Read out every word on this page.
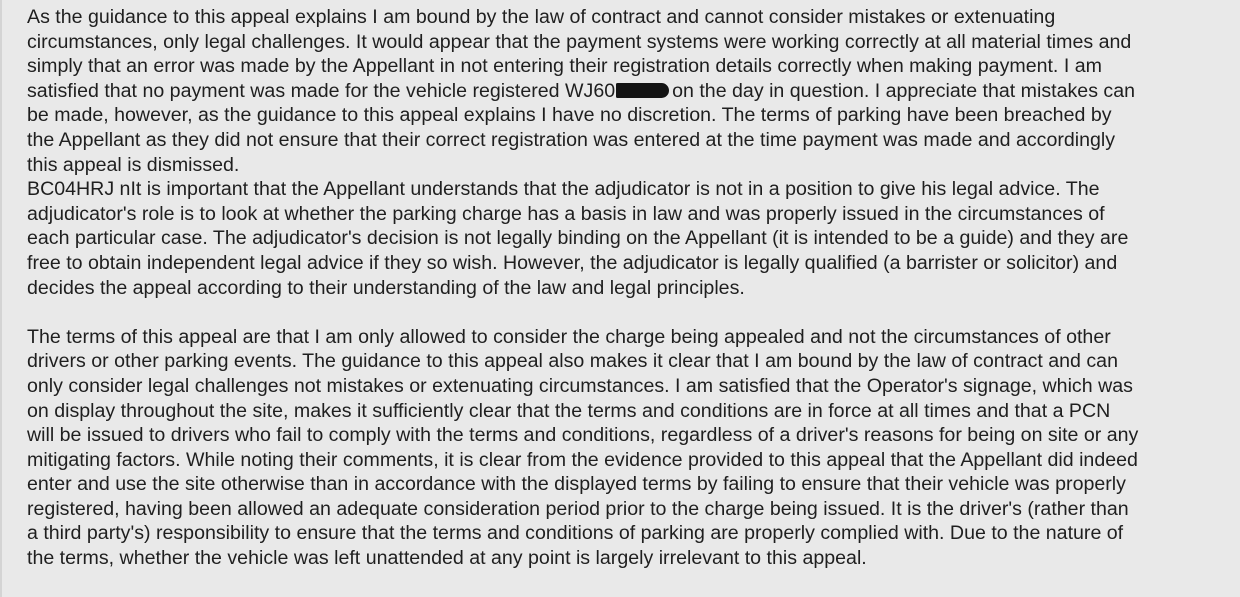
As the guidance to this appeal explains I am bound by the law of contract and cannot consider mistakes or extenuating
circumstances, only legal challenges. It would appear that the payment systems were working correctly at all material times and
simply that an error was made by the Appellant in not entering their registration details correctly when making payment. I am
satisfied that no payment was made for the vehicle registered WJ60	on the day in question. I appreciate that mistakes can
be made, however, as the guidance to this appeal explains I have no discretion. The terms of parking have been breached by
the Appellant as they did not ensure that their correct registration was entered at the time payment was made and accordingly
this appeal is dismissed.
BC04HRJ nIt is important that the Appellant understands that the adjudicator is not in a position to give his legal advice. The
adjudicator's role is to look at whether the parking charge has a basis in law and was properly issued in the circumstances of
each particular case. The adjudicator's decision is not legally binding on the Appellant (it is intended to be a guide) and they are
free to obtain independent legal advice if they so wish. However, the adjudicator is legally qualified (a barrister or solicitor) and
decides the appeal according to their understanding of the law and legal principles.
The terms of this appeal are that I am only allowed to consider the charge being appealed and not the circumstances of other
drivers or other parking events. The guidance to this appeal also makes it clear that I am bound by the law of contract and can
only consider legal challenges not mistakes or extenuating circumstances. I am satisfied that the Operator's signage, which was
on display throughout the site, makes it sufficiently clear that the terms and conditions are in force at all times and that a PCN
will be issued to drivers who fail to comply with the terms and conditions, regardless of a driver's reasons for being on site or any
mitigating factors. While noting their comments, it is clear from the evidence provided to this appeal that the Appellant did indeed
enter and use the site otherwise than in accordance with the displayed terms by failing to ensure that their vehicle was properly
registered, having been allowed an adequate consideration period prior to the charge being issued. It is the driver's (rather than
a third party's) responsibility to ensure that the terms and conditions of parking are properly complied with. Due to the nature of
the terms, whether the vehicle was left unattended at any point is largely irrelevant to this appeal.
